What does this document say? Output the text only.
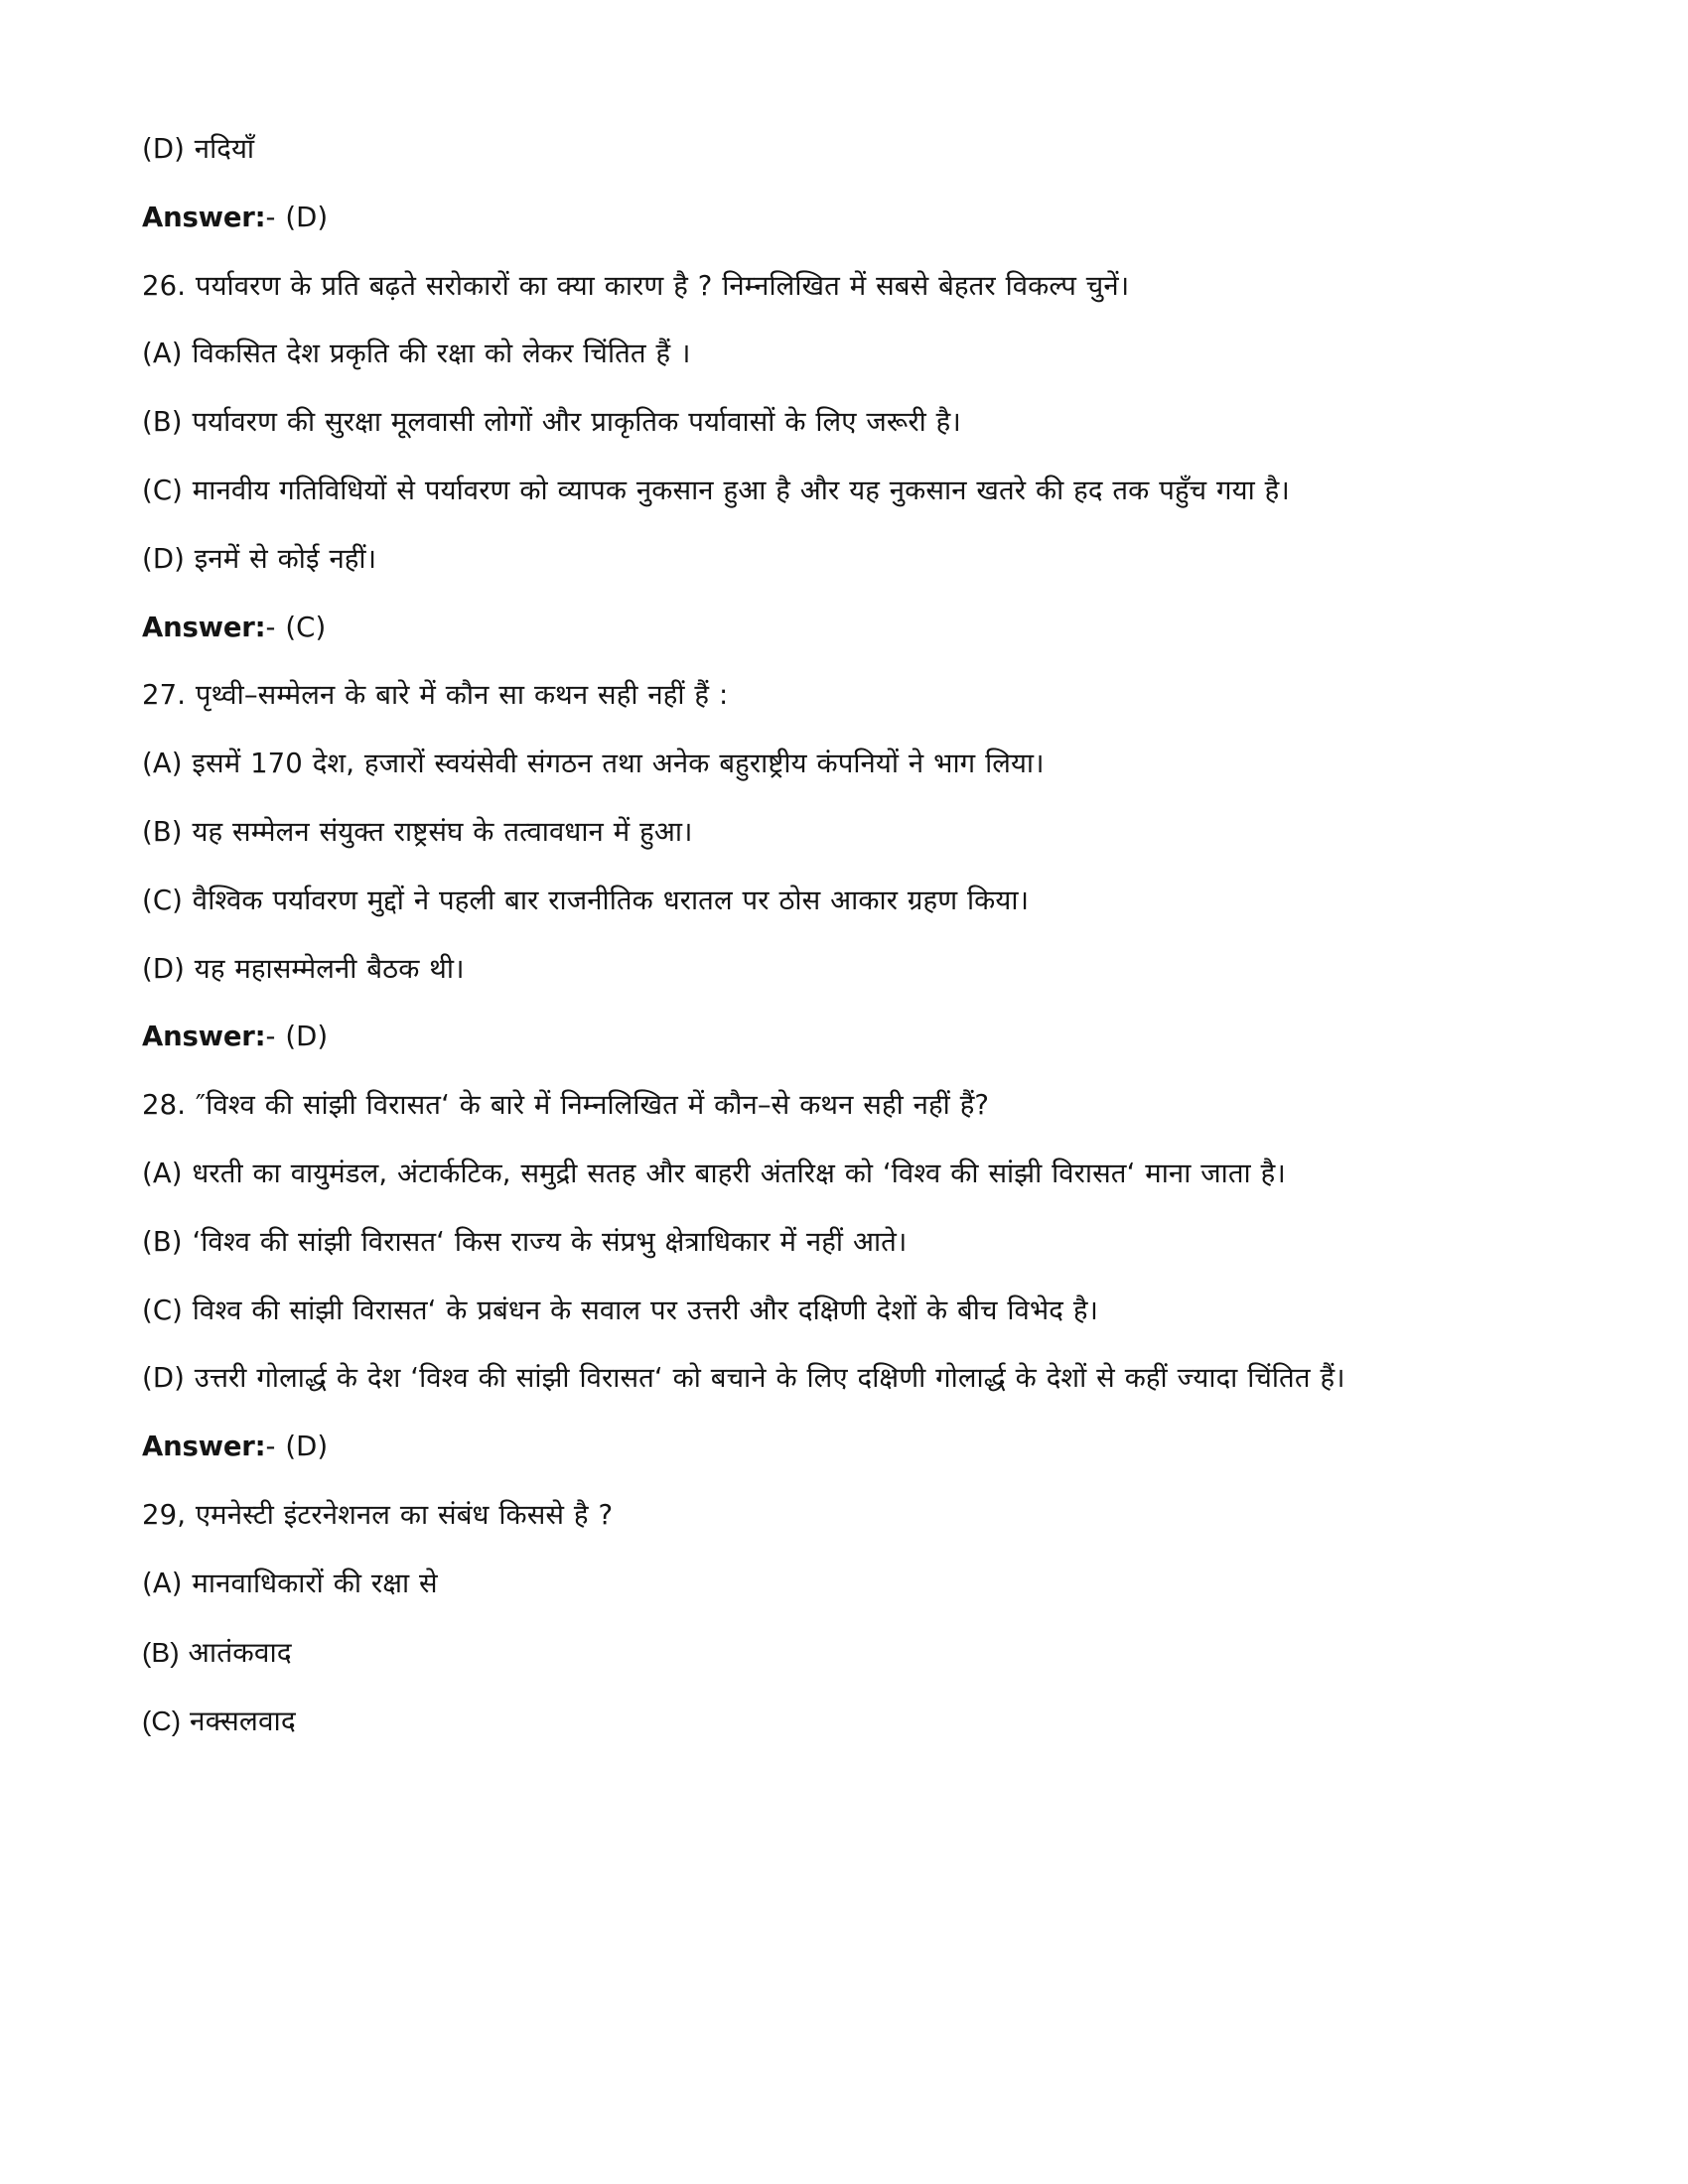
(D) नदियाँ

Answer:- (D)

26. पर्यावरण के प्रति बढ़ते सरोकारों का क्या कारण है ? निम्नलिखित में सबसे बेहतर विकल्प चुनें।

(A) विकसित देश प्रकृति की रक्षा को लेकर चिंतित हैं ।

(B) पर्यावरण की सुरक्षा मूलवासी लोगों और प्राकृतिक पर्यावासों के लिए जरूरी है।

(C) मानवीय गतिविधियों से पर्यावरण को व्यापक नुकसान हुआ है और यह नुकसान खतरे की हद तक पहुँच गया है।

(D) इनमें से कोई नहीं।

Answer:- (C)

27. पृथ्वी–सम्मेलन के बारे में कौन सा कथन सही नहीं हैं :

(A) इसमें 170 देश, हजारों स्वयंसेवी संगठन तथा अनेक बहुराष्ट्रीय कंपनियों ने भाग लिया।

(B) यह सम्मेलन संयुक्त राष्ट्रसंघ के तत्वावधान में हुआ।

(C) वैश्विक पर्यावरण मुद्दों ने पहली बार राजनीतिक धरातल पर ठोस आकार ग्रहण किया।

(D) यह महासम्मेलनी बैठक थी।

Answer:- (D)

28. ″विश्व की सांझी विरासत‘ के बारे में निम्नलिखित में कौन–से कथन सही नहीं हैं?

(A) धरती का वायुमंडल, अंटार्कटिक, समुद्री सतह और बाहरी अंतरिक्ष को ‘विश्व की सांझी विरासत‘ माना जाता है।

(B) ‘विश्व की सांझी विरासत‘ किस राज्य के संप्रभु क्षेत्राधिकार में नहीं आते।

(C) विश्व की सांझी विरासत‘ के प्रबंधन के सवाल पर उत्तरी और दक्षिणी देशों के बीच विभेद है।

(D) उत्तरी गोलार्द्ध के देश ‘विश्व की सांझी विरासत‘ को बचाने के लिए दक्षिणी गोलार्द्ध के देशों से कहीं ज्यादा चिंतित हैं।

Answer:- (D)

29, एमनेस्टी इंटरनेशनल का संबंध किससे है ?

(A) मानवाधिकारों की रक्षा से

(B) आतंकवाद

(C) नक्सलवाद
